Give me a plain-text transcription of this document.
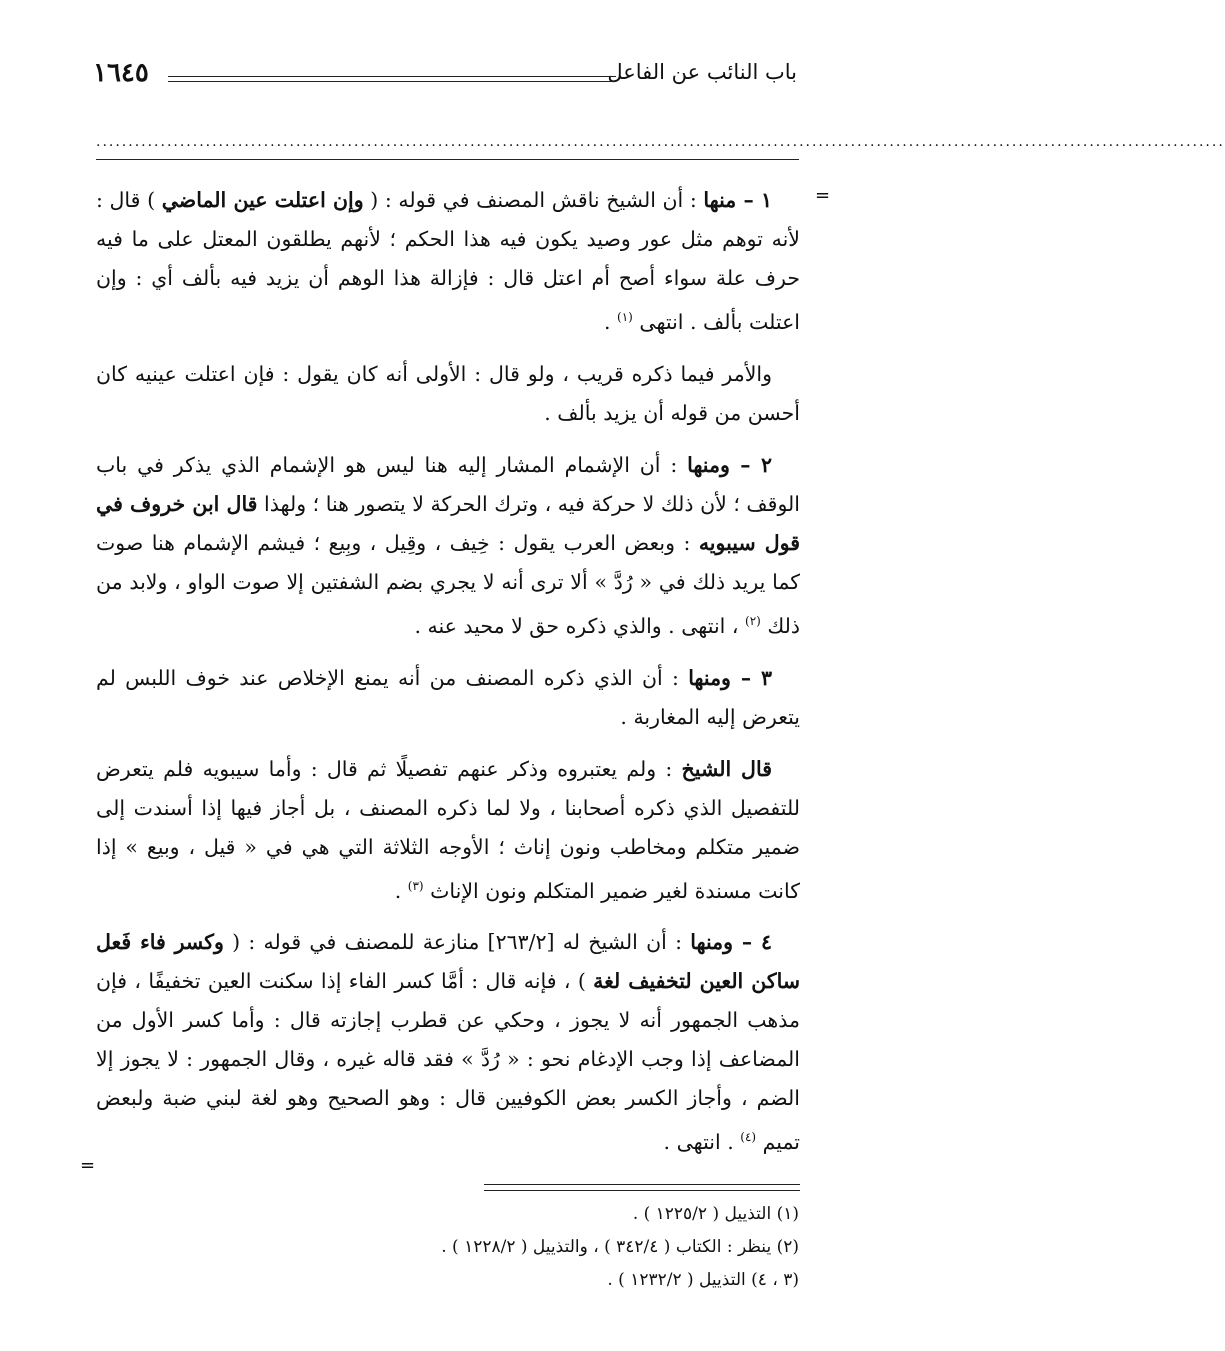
باب النائب عن الفاعل
١٦٤٥
...............................................................................................................................................................................
=
=

١ – منها : أن الشيخ ناقش المصنف في قوله : ( وإن اعتلت عين الماضي ) قال : لأنه توهم مثل عور وصيد يكون فيه هذا الحكم ؛ لأنهم يطلقون المعتل على ما فيه حرف علة سواء أصح أم اعتل قال : فإزالة هذا الوهم أن يزيد فيه بألف أي : وإن اعتلت بألف . انتهى $^{(١)}$ .

والأمر فيما ذكره قريب ، ولو قال : الأولى أنه كان يقول : فإن اعتلت عينيه كان أحسن من قوله أن يزيد بألف .

٢ – ومنها : أن الإشمام المشار إليه هنا ليس هو الإشمام الذي يذكر في باب الوقف ؛ لأن ذلك لا حركة فيه ، وترك الحركة لا يتصور هنا ؛ ولهذا قال ابن خروف في قول سيبويه : وبعض العرب يقول : خِيف ، وقِيل ، وبِيع ؛ فيشم الإشمام هنا صوت كما يريد ذلك في « رُدَّ » ألا ترى أنه لا يجري بضم الشفتين إلا صوت الواو ، ولابد من ذلك $^{(٢)}$ ، انتهى . والذي ذكره حق لا محيد عنه .

٣ – ومنها : أن الذي ذكره المصنف من أنه يمنع الإخلاص عند خوف اللبس لم يتعرض إليه المغاربة .

قال الشيخ : ولم يعتبروه وذكر عنهم تفصيلًا ثم قال : وأما سيبويه فلم يتعرض للتفصيل الذي ذكره أصحابنا ، ولا لما ذكره المصنف ، بل أجاز فيها إذا أسندت إلى ضمير متكلم ومخاطب ونون إناث ؛ الأوجه الثلاثة التي هي في « قيل ، وبيع » إذا كانت مسندة لغير ضمير المتكلم ونون الإناث $^{(٣)}$ .

٤ – ومنها : أن الشيخ له [٢٦٣/٢] منازعة للمصنف في قوله : ( وكسر فاء فَعل ساكن العين لتخفيف لغة ) ، فإنه قال : أمَّا كسر الفاء إذا سكنت العين تخفيفًا ، فإن مذهب الجمهور أنه لا يجوز ، وحكي عن قطرب إجازته قال : وأما كسر الأول من المضاعف إذا وجب الإدغام نحو : « رُدَّ » فقد قاله غيره ، وقال الجمهور : لا يجوز إلا الضم ، وأجاز الكسر بعض الكوفيين قال : وهو الصحيح وهو لغة لبني ضبة ولبعض تميم $^{(٤)}$ . انتهى .

(١) التذييل ( ١٢٢٥/٢ ) .
(٢) ينظر : الكتاب ( ٣٤٢/٤ ) ، والتذييل ( ١٢٢٨/٢ ) .
(٣ ، ٤) التذييل ( ١٢٣٢/٢ ) .
